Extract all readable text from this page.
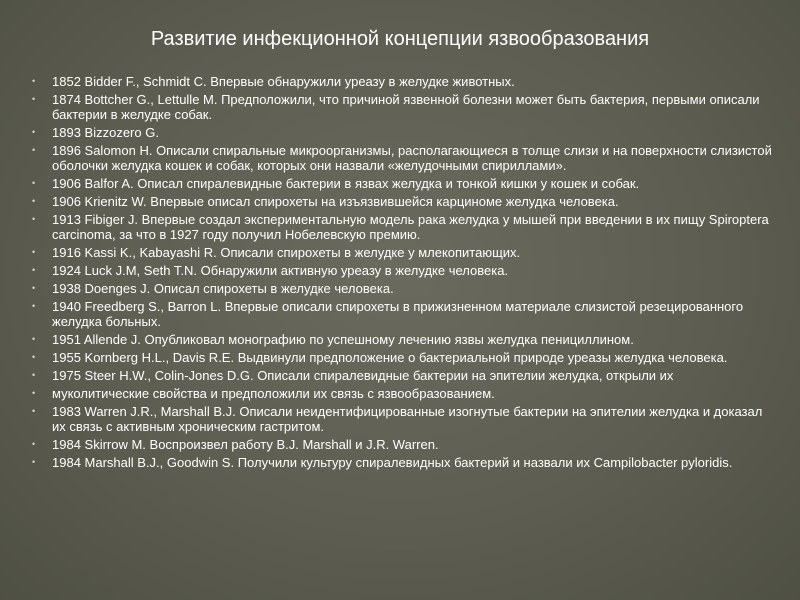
Развитие инфекционной концепции язвообразования
•	1852 Bidder F., Schmidt C. Впервые обнаружили уреазу в желудке животных.
•	1874 Bottcher G., Lettulle M. Предположили, что причиной язвенной болезни может быть бактерия, первыми описали бактерии в желудке собак.
•	1893 Bizzozero G.
•	1896 Salomon H. Описали спиральные микроорганизмы, располагающиеся в толще слизи и на поверхности слизистой оболочки желудка кошек и собак, которых они назвали «желудочными спириллами».
•	1906 Balfor A. Описал спиралевидные бактерии в язвах желудка и тонкой кишки у кошек и собак.
•	1906 Krienitz W. Впервые описал спирохеты на изъязвившейся карциноме желудка человека.
•	1913 Fibiger J. Впервые создал экспериментальную модель рака желудка у мышей при введении в их пищу Spiroptera carcinoma, за что в 1927 году получил Нобелевскую премию.
•	1916 Kassi K., Kabayashi R. Описали спирохеты в желудке у млекопитающих.
•	1924 Luck J.M, Seth T.N. Обнаружили активную уреазу в желудке человека.
•	1938 Doenges J. Описал спирохеты в желудке человека.
•	1940 Freedberg S., Barron L. Впервые описали спирохеты в прижизненном материале слизистой резецированного желудка больных.
•	1951 Allende J. Опубликовал монографию по успешному лечению язвы желудка пенициллином.
•	1955 Kornberg H.L., Davis R.E. Выдвинули предположение о бактериальной природе уреазы желудка человека.
•	1975 Steer H.W., Colin-Jones D.G. Описали спиралевидные бактерии на эпителии желудка, открыли их
•	муколитические свойства и предположили их связь с язвообразованием.
•	1983 Warren J.R., Marshall B.J. Описали неидентифицированные изогнутые бактерии на эпителии желудка и доказал их связь с активным хроническим гастритом.
•	1984 Skirrow M. Воспроизвел работу B.J. Marshall и J.R. Warren.
•	1984 Marshall B.J., Goodwin S. Получили культуру спиралевидных бактерий и назвали их Campilobacter pyloridis.
